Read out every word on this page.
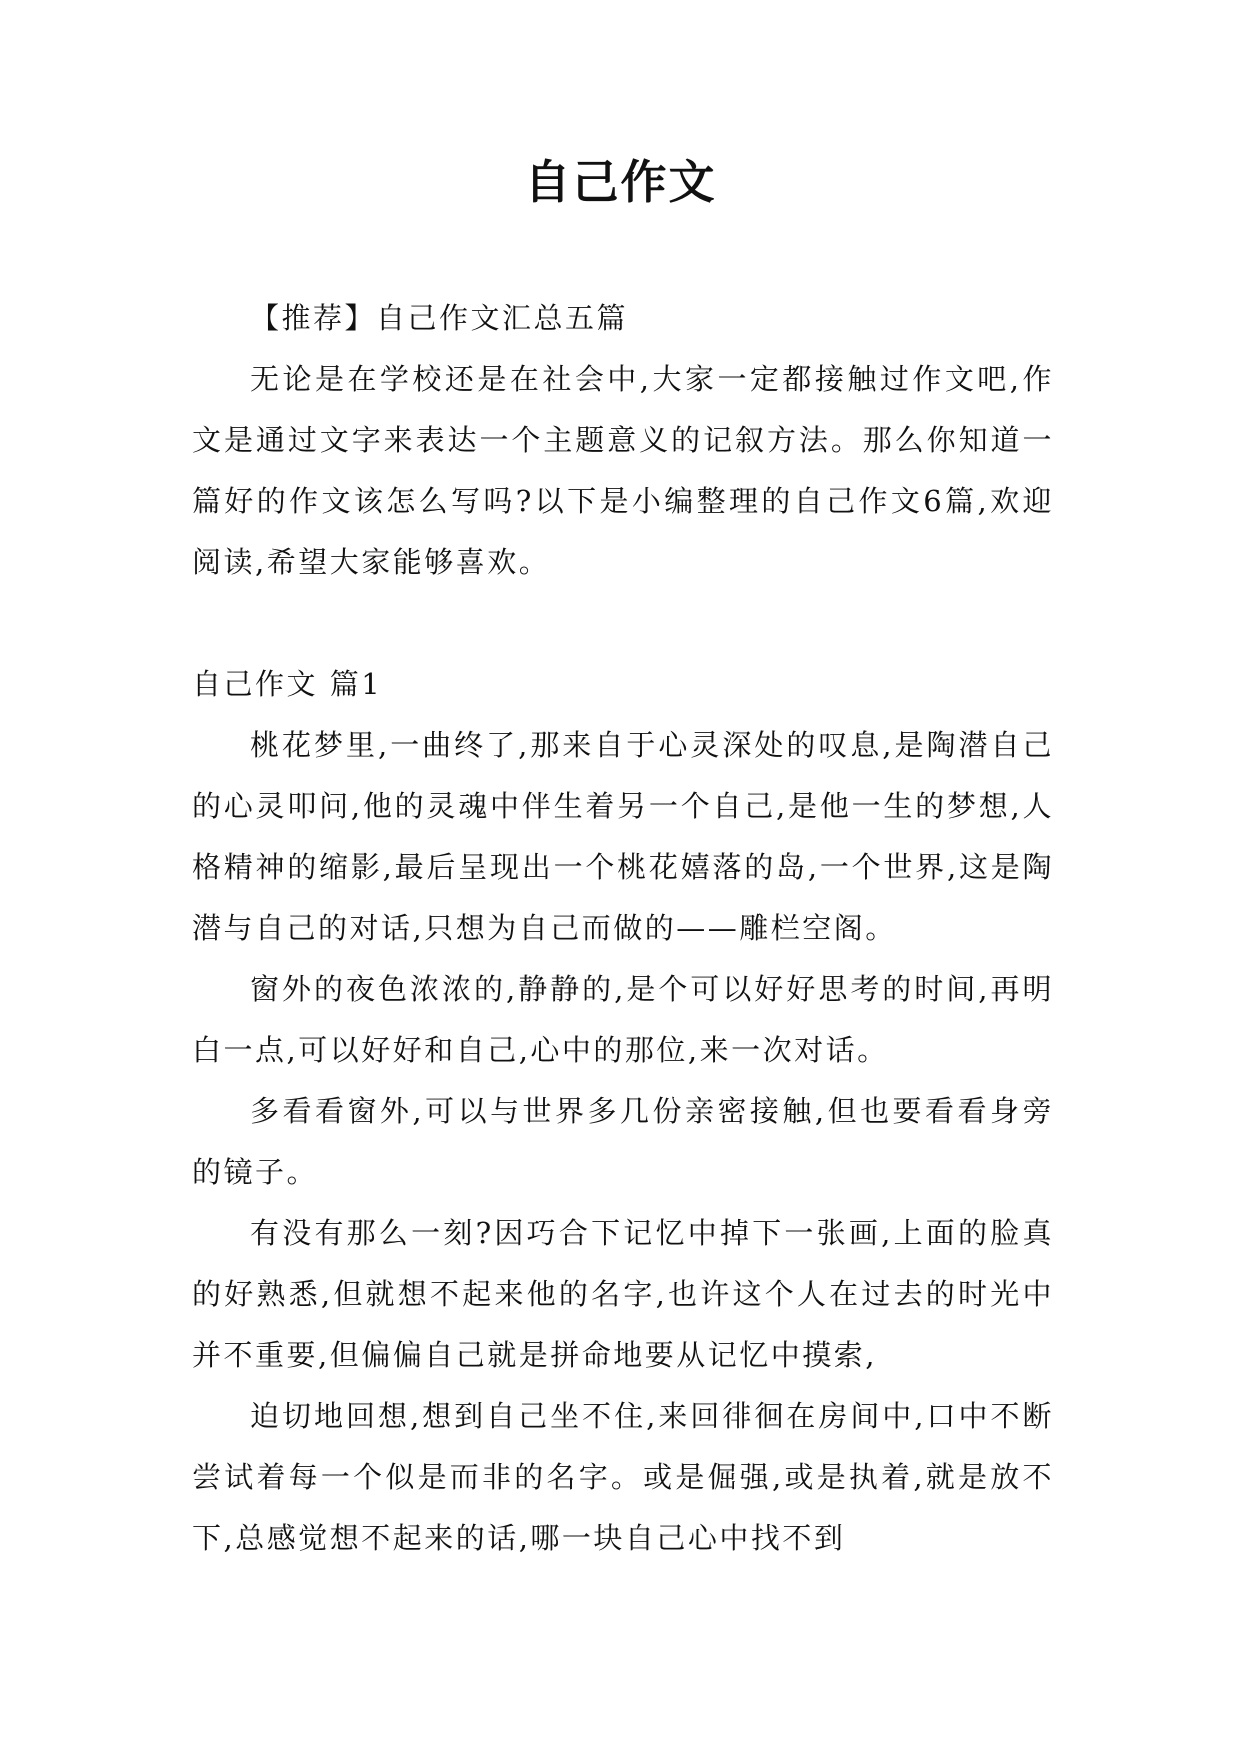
自己作文

【推荐】自己作文汇总五篇

无论是在学校还是在社会中,大家一定都接触过作文吧,作文是通过文字来表达一个主题意义的记叙方法。那么你知道一篇好的作文该怎么写吗?以下是小编整理的自己作文6篇,欢迎阅读,希望大家能够喜欢。

自己作文 篇1

桃花梦里,一曲终了,那来自于心灵深处的叹息,是陶潜自己的心灵叩问,他的灵魂中伴生着另一个自己,是他一生的梦想,人格精神的缩影,最后呈现出一个桃花嬉落的岛,一个世界,这是陶潜与自己的对话,只想为自己而做的——雕栏空阁。

窗外的夜色浓浓的,静静的,是个可以好好思考的时间,再明白一点,可以好好和自己,心中的那位,来一次对话。

多看看窗外,可以与世界多几份亲密接触,但也要看看身旁的镜子。

有没有那么一刻?因巧合下记忆中掉下一张画,上面的脸真的好熟悉,但就想不起来他的名字,也许这个人在过去的时光中并不重要,但偏偏自己就是拼命地要从记忆中摸索,

迫切地回想,想到自己坐不住,来回徘徊在房间中,口中不断尝试着每一个似是而非的名字。或是倔强,或是执着,就是放不下,总感觉想不起来的话,哪一块自己心中找不到
